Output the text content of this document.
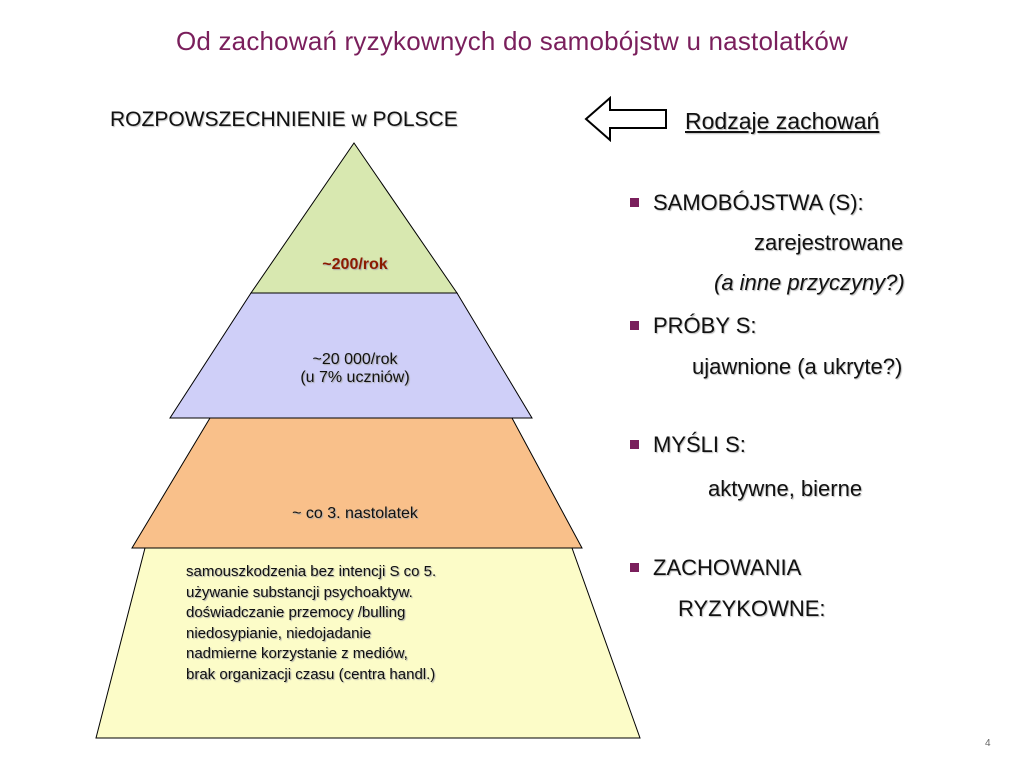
Od zachowań ryzykownych do samobójstw u nastolatków
ROZPOWSZECHNIENIE w POLSCE	Rodzaje zachowań
~200/rok
~20 000/rok
(u 7% uczniów)
~ co 3. nastolatek
samouszkodzenia bez intencji S co 5.
używanie substancji psychoaktyw.
doświadczanie przemocy /bulling
niedosypianie, niedojadanie
nadmierne korzystanie z mediów,
brak organizacji czasu (centra handl.)
SAMOBÓJSTWA (S):
zarejestrowane
(a inne przyczyny?)
PRÓBY S:
ujawnione (a ukryte?)
MYŚLI S:
aktywne, bierne
ZACHOWANIA
RYZYKOWNE:
4
